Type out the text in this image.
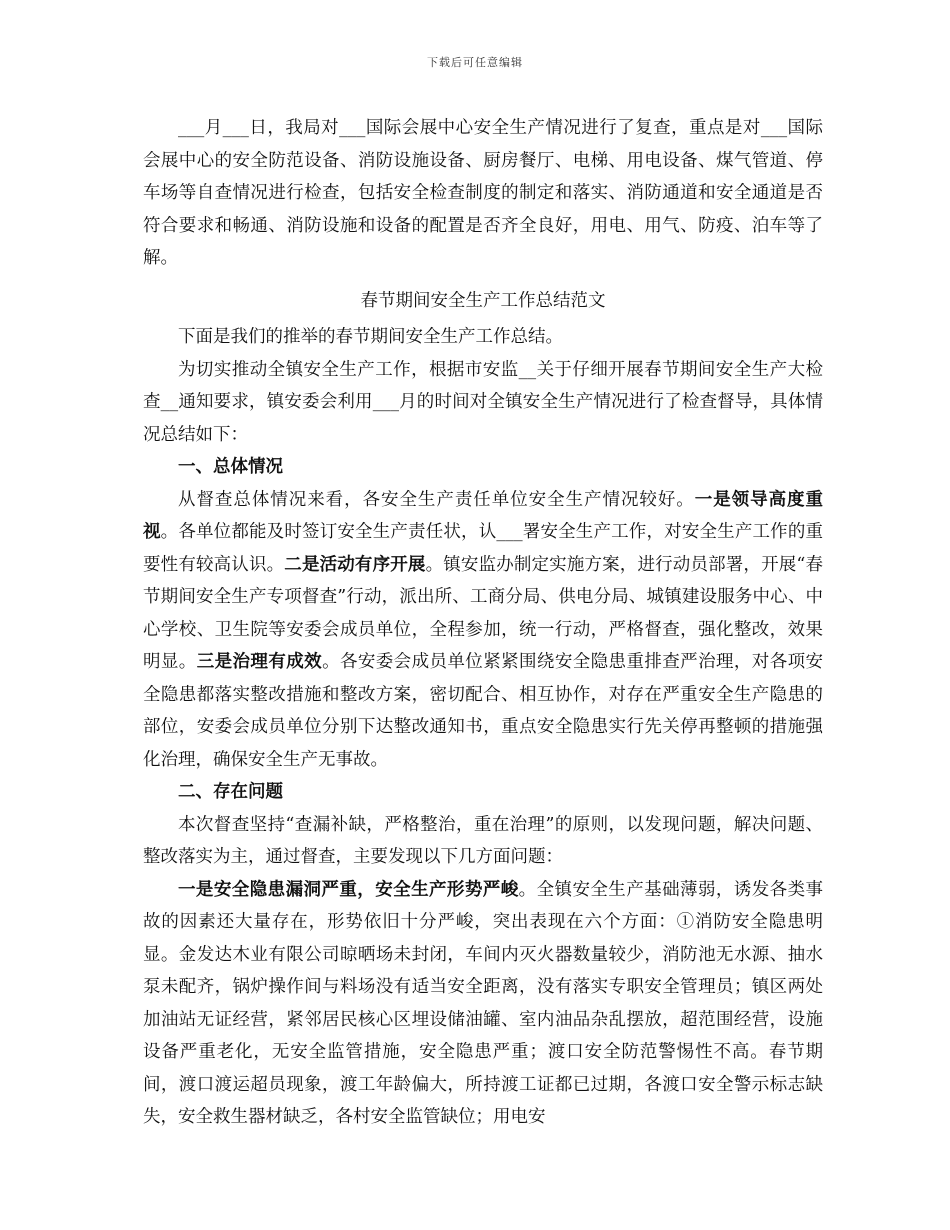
下载后可任意编辑

___月___日，我局对___国际会展中心安全生产情况进行了复查，重点是对___国际会展中心的安全防范设备、消防设施设备、厨房餐厅、电梯、用电设备、煤气管道、停车场等自查情况进行检查，包括安全检查制度的制定和落实、消防通道和安全通道是否符合要求和畅通、消防设施和设备的配置是否齐全良好，用电、用气、防疫、泊车等了解。

春节期间安全生产工作总结范文

下面是我们的推举的春节期间安全生产工作总结。

为切实推动全镇安全生产工作，根据市安监__关于仔细开展春节期间安全生产大检查__通知要求，镇安委会利用___月的时间对全镇安全生产情况进行了检查督导，具体情况总结如下：

一、总体情况

从督查总体情况来看，各安全生产责任单位安全生产情况较好。一是领导高度重视。各单位都能及时签订安全生产责任状，认___署安全生产工作，对安全生产工作的重要性有较高认识。二是活动有序开展。镇安监办制定实施方案，进行动员部署，开展“春节期间安全生产专项督查”行动，派出所、工商分局、供电分局、城镇建设服务中心、中心学校、卫生院等安委会成员单位，全程参加，统一行动，严格督查，强化整改，效果明显。三是治理有成效。各安委会成员单位紧紧围绕安全隐患重排查严治理，对各项安全隐患都落实整改措施和整改方案，密切配合、相互协作，对存在严重安全生产隐患的部位，安委会成员单位分别下达整改通知书，重点安全隐患实行先关停再整顿的措施强化治理，确保安全生产无事故。

二、存在问题

本次督查坚持“查漏补缺，严格整治，重在治理”的原则，以发现问题，解决问题、整改落实为主，通过督查，主要发现以下几方面问题：

一是安全隐患漏洞严重，安全生产形势严峻。全镇安全生产基础薄弱，诱发各类事故的因素还大量存在，形势依旧十分严峻，突出表现在六个方面：①消防安全隐患明显。金发达木业有限公司晾晒场未封闭，车间内灭火器数量较少，消防池无水源、抽水泵未配齐，锅炉操作间与料场没有适当安全距离，没有落实专职安全管理员；镇区两处加油站无证经营，紧邻居民核心区埋设储油罐、室内油品杂乱摆放，超范围经营，设施设备严重老化，无安全监管措施，安全隐患严重；渡口安全防范警惕性不高。春节期间，渡口渡运超员现象，渡工年龄偏大，所持渡工证都已过期，各渡口安全警示标志缺失，安全救生器材缺乏，各村安全监管缺位；用电安
